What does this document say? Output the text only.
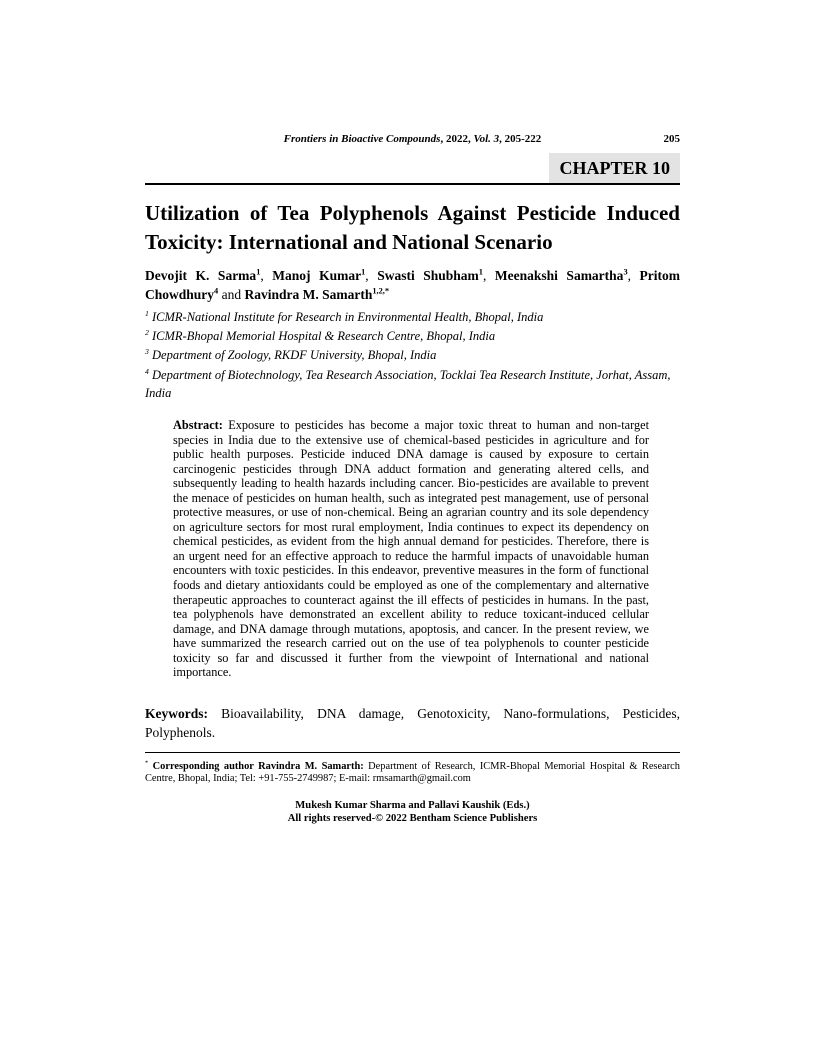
Frontiers in Bioactive Compounds, 2022, Vol. 3, 205-222	205
CHAPTER 10
Utilization of Tea Polyphenols Against Pesticide Induced Toxicity: International and National Scenario

Devojit K. Sarma$^1$, Manoj Kumar$^1$, Swasti Shubham$^1$, Meenakshi Samartha$^3$, Pritom Chowdhury$^4$ and Ravindra M. Samarth$^{1,2,*}$

$^1$ ICMR-National Institute for Research in Environmental Health, Bhopal, India

$^2$ ICMR-Bhopal Memorial Hospital & Research Centre, Bhopal, India

$^3$ Department of Zoology, RKDF University, Bhopal, India

$^4$ Department of Biotechnology, Tea Research Association, Tocklai Tea Research Institute, Jorhat, Assam, India

Abstract: Exposure to pesticides has become a major toxic threat to human and non-target species in India due to the extensive use of chemical-based pesticides in agriculture and for public health purposes. Pesticide induced DNA damage is caused by exposure to certain carcinogenic pesticides through DNA adduct formation and generating altered cells, and subsequently leading to health hazards including cancer. Bio-pesticides are available to prevent the menace of pesticides on human health, such as integrated pest management, use of personal protective measures, or use of non-chemical. Being an agrarian country and its sole dependency on agriculture sectors for most rural employment, India continues to expect its dependency on chemical pesticides, as evident from the high annual demand for pesticides. Therefore, there is an urgent need for an effective approach to reduce the harmful impacts of unavoidable human encounters with toxic pesticides. In this endeavor, preventive measures in the form of functional foods and dietary antioxidants could be employed as one of the complementary and alternative therapeutic approaches to counteract against the ill effects of pesticides in humans. In the past, tea polyphenols have demonstrated an excellent ability to reduce toxicant-induced cellular damage, and DNA damage through mutations, apoptosis, and cancer. In the present review, we have summarized the research carried out on the use of tea polyphenols to counter pesticide toxicity so far and discussed it further from the viewpoint of International and national importance.

Keywords: Bioavailability, DNA damage, Genotoxicity, Nano-formulations, Pesticides, Polyphenols.

* Corresponding author Ravindra M. Samarth: Department of Research, ICMR-Bhopal Memorial Hospital & Research Centre, Bhopal, India; Tel: +91-755-2749987; E-mail: rmsamarth@gmail.com

Mukesh Kumar Sharma and Pallavi Kaushik (Eds.)

All rights reserved-© 2022 Bentham Science Publishers
